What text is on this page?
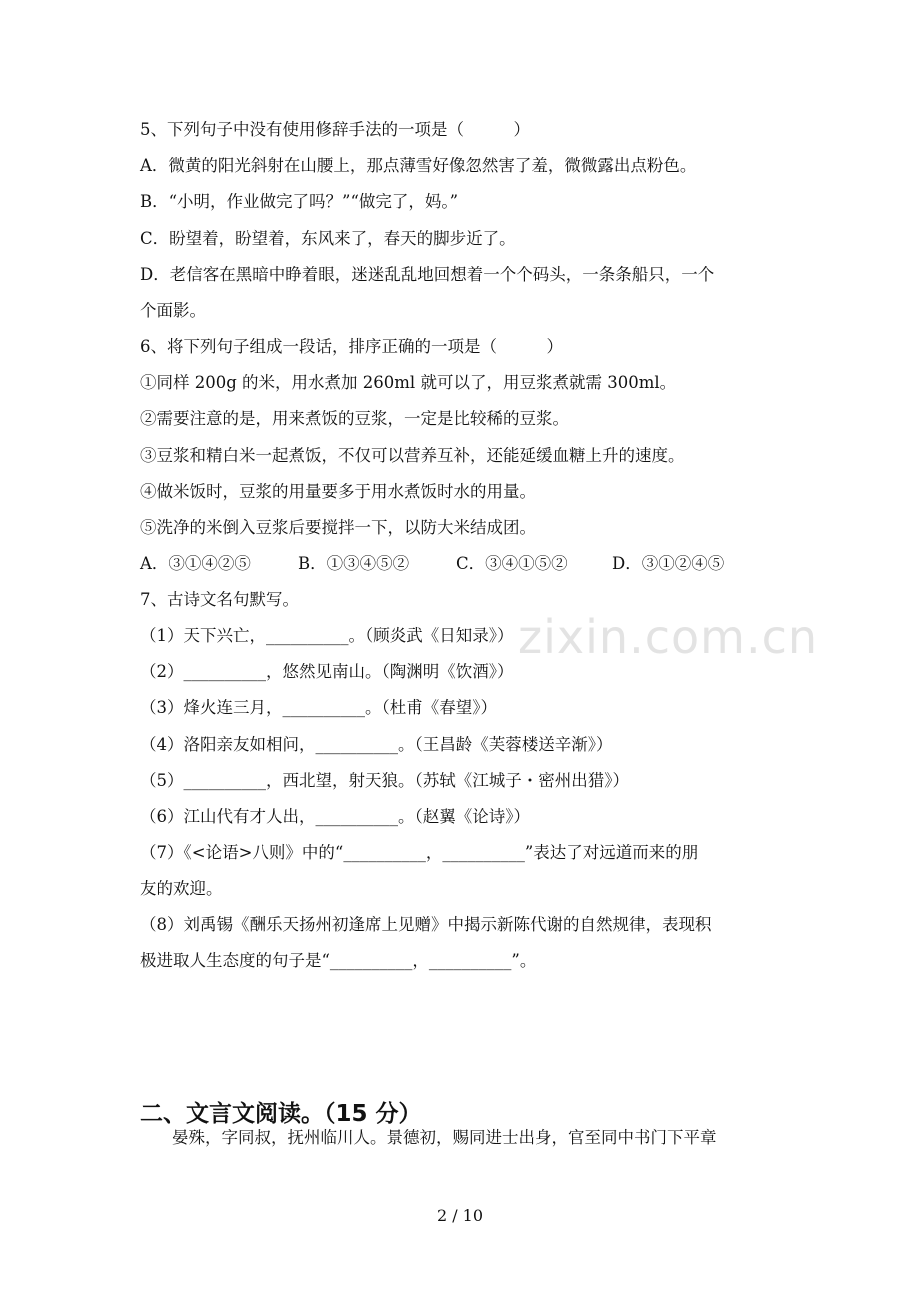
zixin.com.cn
5、下列句子中没有使用修辞手法的一项是（　　　）
A．微黄的阳光斜射在山腰上，那点薄雪好像忽然害了羞，微微露出点粉色。
B．“小明，作业做完了吗？”“做完了，妈。”
C．盼望着，盼望着，东风来了，春天的脚步近了。
D．老信客在黑暗中睁着眼，迷迷乱乱地回想着一个个码头，一条条船只，一个
个面影。
6、将下列句子组成一段话，排序正确的一项是（　　　）
①同样 200g 的米，用水煮加 260ml 就可以了，用豆浆煮就需 300ml。
②需要注意的是，用来煮饭的豆浆，一定是比较稀的豆浆。
③豆浆和精白米一起煮饭，不仅可以营养互补，还能延缓血糖上升的速度。
④做米饭时，豆浆的用量要多于用水煮饭时水的用量。
⑤洗净的米倒入豆浆后要搅拌一下，以防大米结成团。
A．③①④②⑤	B．①③④⑤②	C．③④①⑤②	D．③①②④⑤
7、古诗文名句默写。
（1）天下兴亡，__________。（顾炎武《日知录》）
（2）__________，悠然见南山。（陶渊明《饮酒》）
（3）烽火连三月，__________。（杜甫《春望》）
（4）洛阳亲友如相问，__________。（王昌龄《芙蓉楼送辛渐》）
（5）__________，西北望，射天狼。（苏轼《江城子・密州出猎》）
（6）江山代有才人出，__________。（赵翼《论诗》）
（7）《<论语>八则》中的“__________，__________”表达了对远道而来的朋
友的欢迎。
（8）刘禹锡《酬乐天扬州初逢席上见赠》中揭示新陈代谢的自然规律，表现积
极进取人生态度的句子是“__________，__________”。
二、文言文阅读。（15 分）
晏殊，字同叔，抚州临川人。景德初，赐同进士出身，官至同中书门下平章
2 / 10
